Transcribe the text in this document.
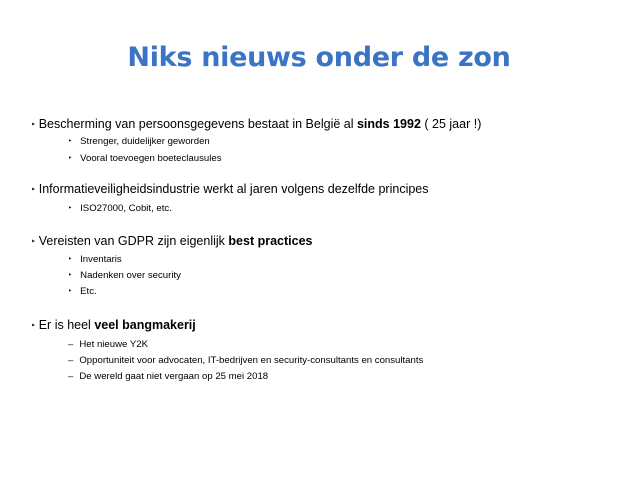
Niks nieuws onder de zon
‣ Bescherming van persoonsgegevens bestaat in België al sinds 1992 ( 25 jaar !)
‣ Strenger, duidelijker geworden
‣ Vooral toevoegen boeteclausules
‣ Informatieveiligheidsindustrie werkt al jaren volgens dezelfde principes
‣ ISO27000, Cobit, etc.
‣ Vereisten van GDPR zijn eigenlijk best practices
‣ Inventaris
‣ Nadenken over security
‣ Etc.
‣ Er is heel veel bangmakerij
– Het nieuwe Y2K
– Opportuniteit voor advocaten, IT-bedrijven en security-consultants en consultants
– De wereld gaat niet vergaan op 25 mei 2018
